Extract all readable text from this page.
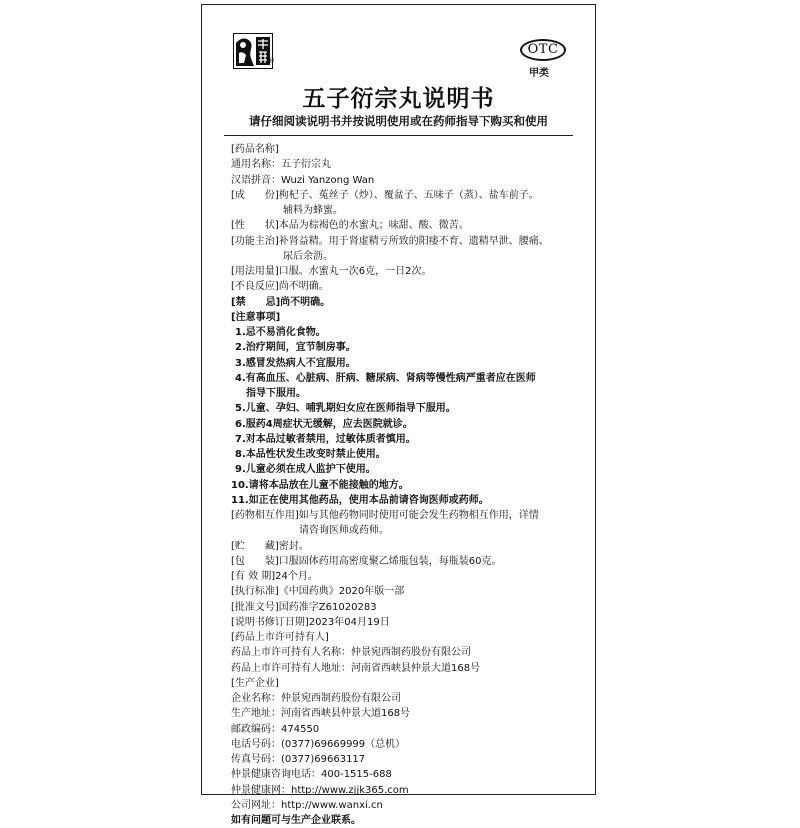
®
OTC
甲类
五子衍宗丸说明书
请仔细阅读说明书并按说明使用或在药师指导下购买和使用
[药品名称]
通用名称：五子衍宗丸
汉语拼音：Wuzi Yanzong Wan
[成　　份]枸杞子、菟丝子（炒）、覆盆子、五味子（蒸）、盐车前子。
辅料为蜂蜜。
[性　　状]本品为棕褐色的水蜜丸；味甜、酸、微苦。
[功能主治]补肾益精。用于肾虚精亏所致的阳痿不育、遗精早泄、腰痛、
尿后余沥。
[用法用量]口服。水蜜丸一次6克，一日2次。
[不良反应]尚不明确。
[禁　　忌]尚不明确。
[注意事项]
1.忌不易消化食物。
2.治疗期间，宜节制房事。
3.感冒发热病人不宜服用。
4.有高血压、心脏病、肝病、糖尿病、肾病等慢性病严重者应在医师
指导下服用。
5.儿童、孕妇、哺乳期妇女应在医师指导下服用。
6.服药4周症状无缓解，应去医院就诊。
7.对本品过敏者禁用，过敏体质者慎用。
8.本品性状发生改变时禁止使用。
9.儿童必须在成人监护下使用。
10.请将本品放在儿童不能接触的地方。
11.如正在使用其他药品，使用本品前请咨询医师或药师。
[药物相互作用]如与其他药物同时使用可能会发生药物相互作用，详情
请咨询医师或药师。
[贮　　藏]密封。
[包　　装]口服固体药用高密度聚乙烯瓶包装，每瓶装60克。
[有 效 期]24个月。
[执行标准]《中国药典》2020年版一部
[批准文号]国药准字Z61020283
[说明书修订日期]2023年04月19日
[药品上市许可持有人]
药品上市许可持有人名称：仲景宛西制药股份有限公司
药品上市许可持有人地址：河南省西峡县仲景大道168号
[生产企业]
企业名称：仲景宛西制药股份有限公司
生产地址：河南省西峡县仲景大道168号
邮政编码：474550
电话号码：(0377)69669999（总机）
传真号码：(0377)69663117
仲景健康咨询电话：400-1515-688
仲景健康网：http://www.zjjk365.com
公司网址：http://www.wanxi.cn
如有问题可与生产企业联系。
